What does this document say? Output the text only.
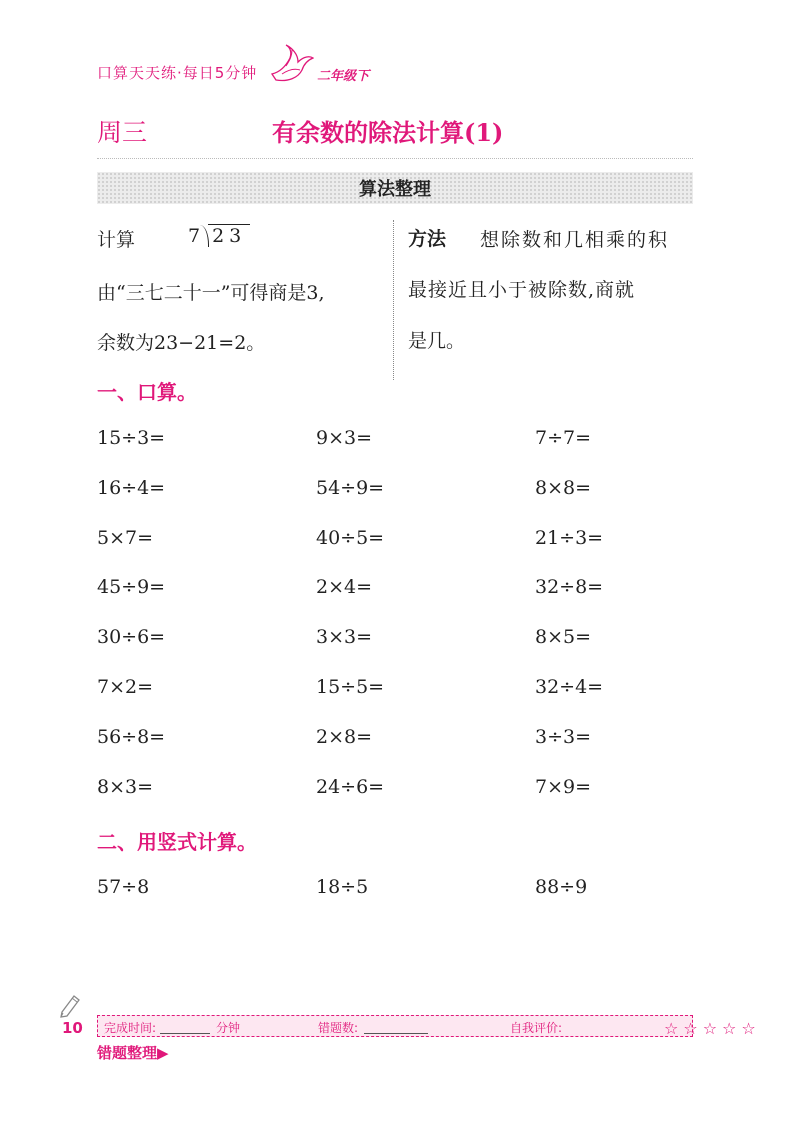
口算天天练·每日5分钟	二年级下
周三	有余数的除法计算(1)
算法整理
计算	7 23
由“三七二十一”可得商是3,
余数为23−21=2。
方法 想除数和几相乘的积
最接近且小于被除数,商就
是几。
一、口算。
15÷3=	9×3=	7÷7=
16÷4=	54÷9=	8×8=
5×7=	40÷5=	21÷3=
45÷9=	2×4=	32÷8=
30÷6=	3×3=	8×5=
7×2=	15÷5=	32÷4=
56÷8=	2×8=	3÷3=
8×3=	24÷6=	7×9=
二、用竖式计算。
57÷8	18÷5	88÷9
10 完成时间:	分钟	错题数:	自我评价:	☆☆☆☆☆
错题整理▶
